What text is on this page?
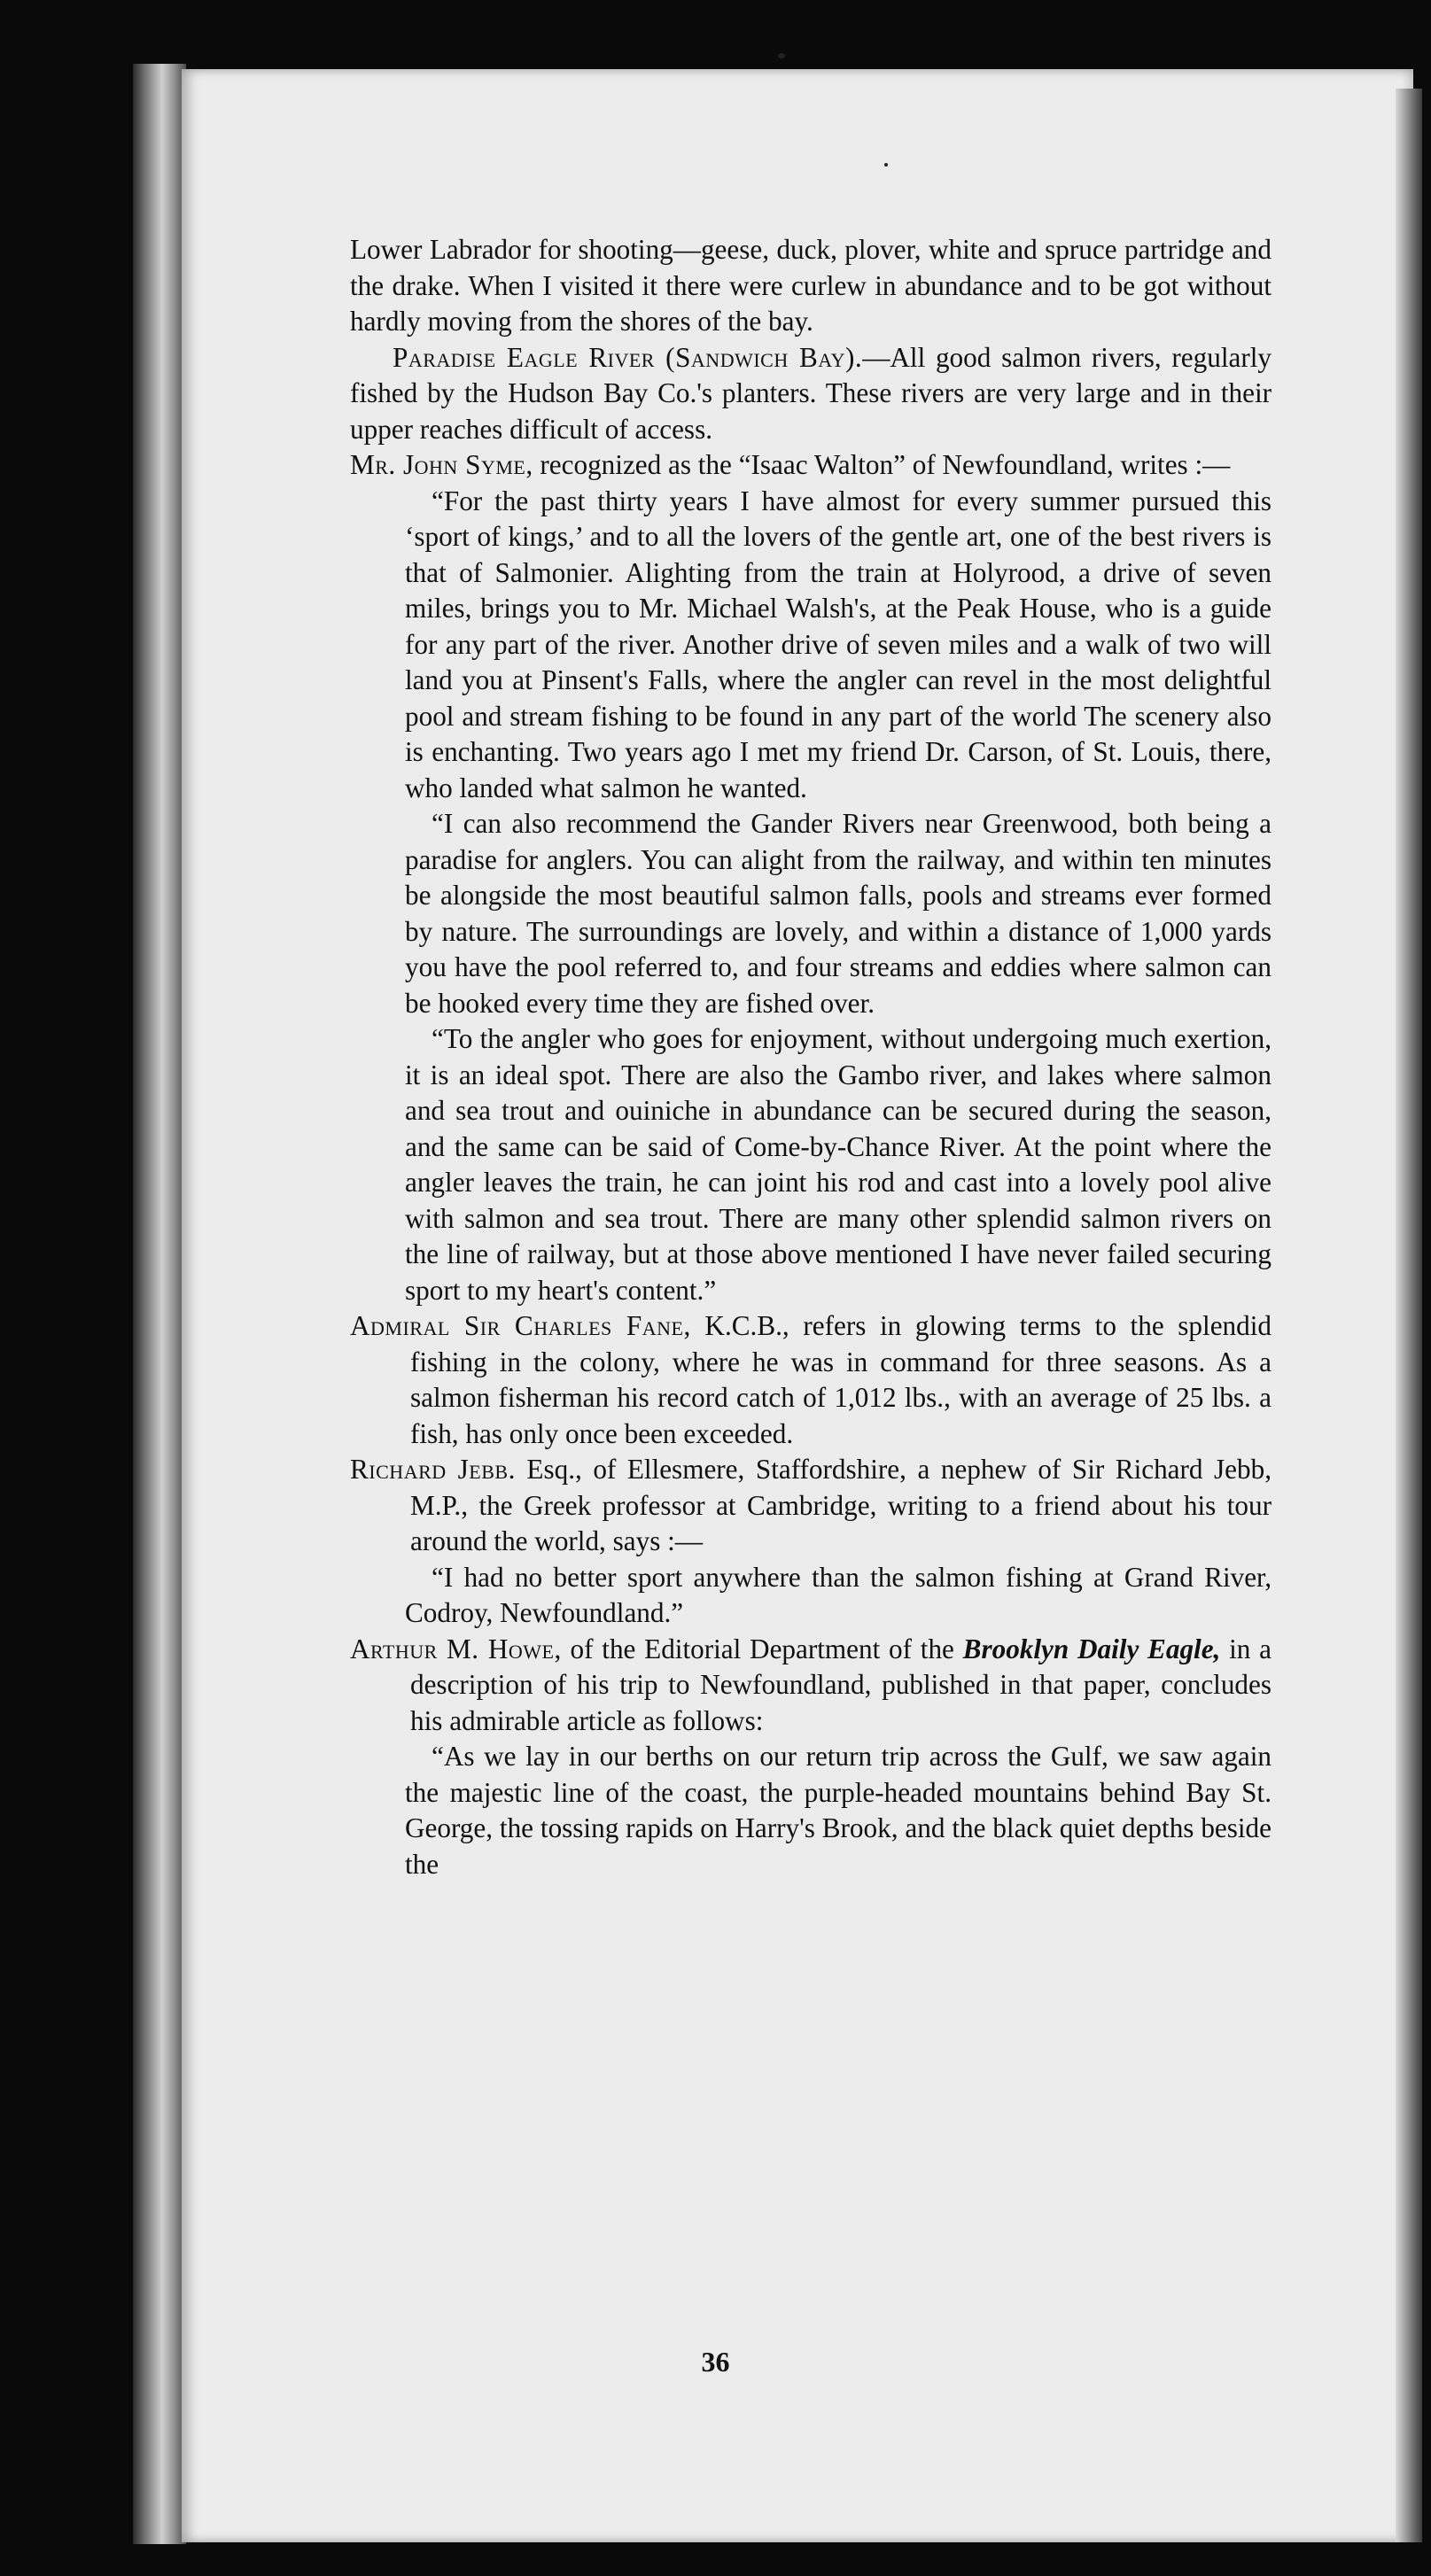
Lower Labrador for shooting—geese, duck, plover, white and spruce partridge and the drake. When I visited it there were curlew in abundance and to be got without hardly moving from the shores of the bay.

Paradise Eagle River (Sandwich Bay).—All good salmon rivers, regularly fished by the Hudson Bay Co.'s planters. These rivers are very large and in their upper reaches difficult of access.

Mr. John Syme, recognized as the “Isaac Walton” of Newfoundland, writes :—

“For the past thirty years I have almost for every summer pursued this ‘sport of kings,’ and to all the lovers of the gentle art, one of the best rivers is that of Salmonier. Alighting from the train at Holyrood, a drive of seven miles, brings you to Mr. Michael Walsh's, at the Peak House, who is a guide for any part of the river. Another drive of seven miles and a walk of two will land you at Pinsent's Falls, where the angler can revel in the most delightful pool and stream fishing to be found in any part of the world The scenery also is enchanting. Two years ago I met my friend Dr. Carson, of St. Louis, there, who landed what salmon he wanted.

“I can also recommend the Gander Rivers near Greenwood, both being a paradise for anglers. You can alight from the railway, and within ten minutes be alongside the most beautiful salmon falls, pools and streams ever formed by nature. The surroundings are lovely, and within a distance of 1,000 yards you have the pool referred to, and four streams and eddies where salmon can be hooked every time they are fished over.

“To the angler who goes for enjoyment, without undergoing much exertion, it is an ideal spot. There are also the Gambo river, and lakes where salmon and sea trout and ouiniche in abundance can be secured during the season, and the same can be said of Come-by-Chance River. At the point where the angler leaves the train, he can joint his rod and cast into a lovely pool alive with salmon and sea trout. There are many other splendid salmon rivers on the line of railway, but at those above mentioned I have never failed securing sport to my heart's content.”

Admiral Sir Charles Fane, K.C.B., refers in glowing terms to the splendid fishing in the colony, where he was in command for three seasons. As a salmon fisherman his record catch of 1,012 lbs., with an average of 25 lbs. a fish, has only once been exceeded.

Richard Jebb. Esq., of Ellesmere, Staffordshire, a nephew of Sir Richard Jebb, M.P., the Greek professor at Cambridge, writing to a friend about his tour around the world, says :—

“I had no better sport anywhere than the salmon fishing at Grand River, Codroy, Newfoundland.”

Arthur M. Howe, of the Editorial Department of the Brooklyn Daily Eagle, in a description of his trip to Newfoundland, published in that paper, concludes his admirable article as follows:

“As we lay in our berths on our return trip across the Gulf, we saw again the majestic line of the coast, the purple-headed mountains behind Bay St. George, the tossing rapids on Harry's Brook, and the black quiet depths beside the

36
